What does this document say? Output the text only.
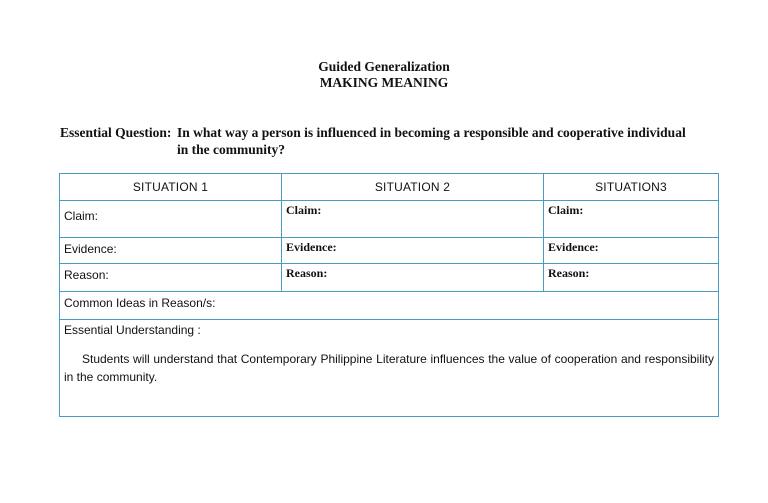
Guided Generalization
MAKING MEANING
Essential Question: In what way a person is influenced in becoming a responsible and cooperative individual
in the community?
SITUATION 1	SITUATION 2	SITUATION3

Claim:	Claim:	Claim:

Evidence:	Evidence:	Evidence:

Reason:	Reason:	Reason:

Common Ideas in Reason/s:		

Essential Understanding :
Students will understand that Contemporary Philippine Literature influences the value of cooperation and responsibility in the community.		
